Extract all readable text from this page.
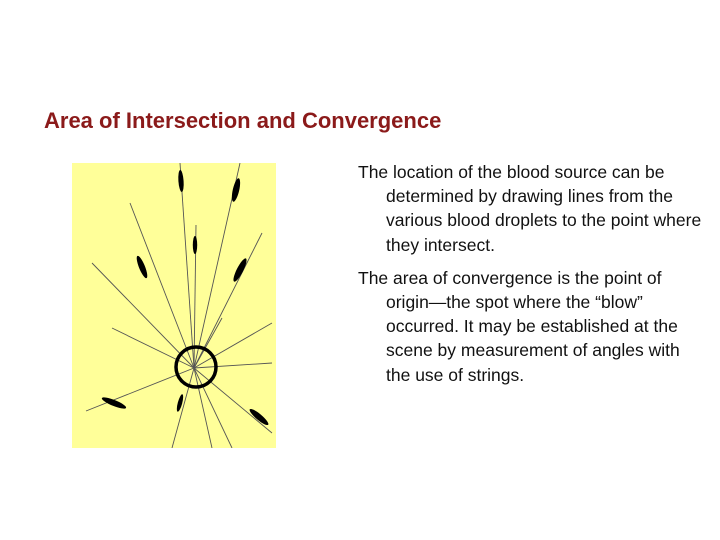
Area of Intersection and Convergence

The location of the blood source can be determined by drawing lines from the various blood droplets to the point where they intersect.

The area of convergence is the point of origin—the spot where the “blow” occurred. It may be established at the scene by measurement of angles with the use of strings.
